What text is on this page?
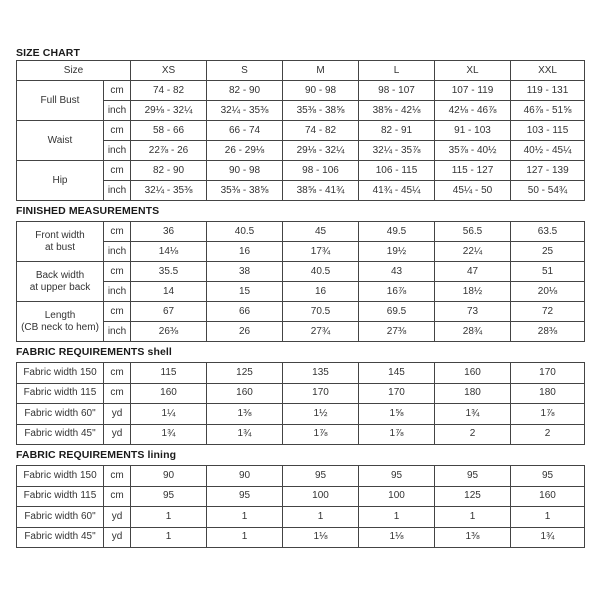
SIZE CHART
Size		XS	S	M	L	XL	XXL
Full Bust	cm	74 - 82	82 - 90	90 - 98	98 - 107	107 - 119	119 - 131
	inch	29⅛ - 32¼	32¼ - 35⅜	35⅜ - 38⅝	38⅝ - 42⅛	42⅛ - 46⅞	46⅞ - 51⅝
Waist	cm	58 - 66	66 - 74	74 - 82	82 - 91	91 - 103	103 - 115
	inch	22⅞ - 26	26 - 29⅛	29⅛ - 32¼	32¼ - 35⅞	35⅞ - 40½	40½ - 45¼
Hip	cm	82 - 90	90 - 98	98 - 106	106 - 115	115 - 127	127 - 139
	inch	32¼ - 35⅜	35⅜ - 38⅝	38⅝ - 41¾	41¾ - 45¼	45¼ - 50	50 - 54¾
FINISHED MEASUREMENTS
Front width
at bust	cm	36	40.5	45	49.5	56.5	63.5
	inch	14⅛	16	17¾	19½	22¼	25

Back width
at upper back	cm	35.5	38	40.5	43	47	51
	inch	14	15	16	16⅞	18½	20⅛

Length
(CB neck to hem)	cm	67	66	70.5	69.5	73	72
	inch	26⅜	26	27¾	27⅜	28¾	28⅜
FABRIC REQUIREMENTS shell
Fabric width 150	cm	115	125	135	145	160	170
Fabric width 115	cm	160	160	170	170	180	180
Fabric width 60"	yd	1¼	1⅜	1½	1⅝	1¾	1⅞
Fabric width 45"	yd	1¾	1¾	1⅞	1⅞	2	2
FABRIC REQUIREMENTS lining
Fabric width 150	cm	90	90	95	95	95	95
Fabric width 115	cm	95	95	100	100	125	160
Fabric width 60"	yd	1	1	1	1	1	1
Fabric width 45"	yd	1	1	1⅛	1⅛	1⅜	1¾
